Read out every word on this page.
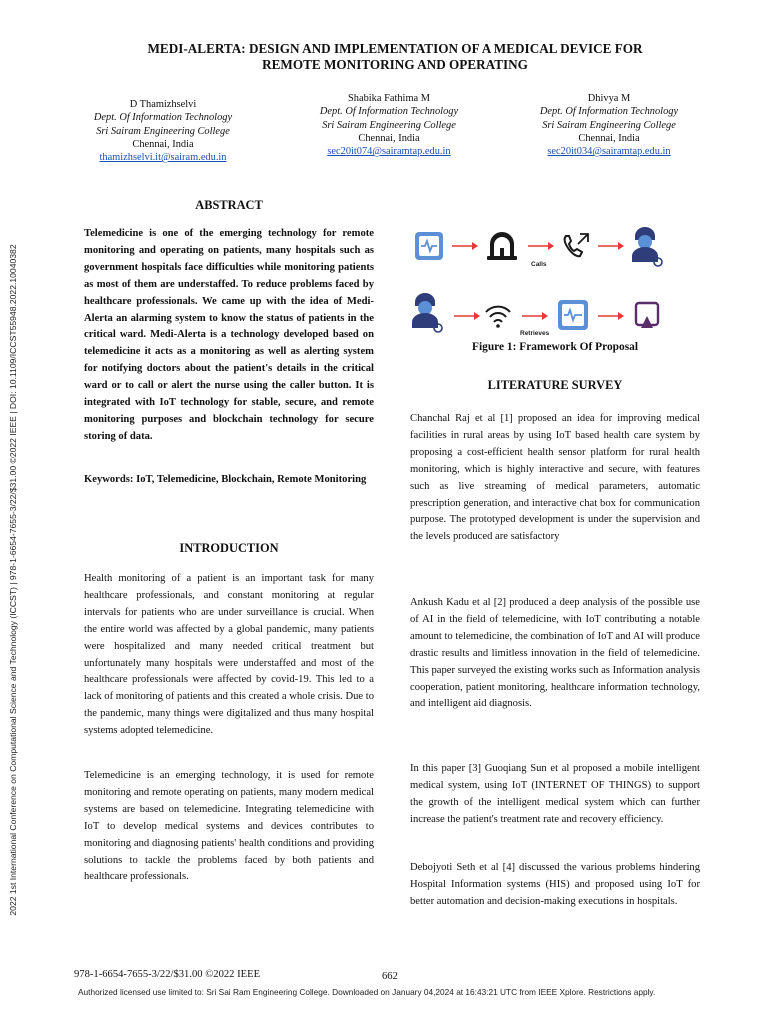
2022 1st International Conference on Computational Science and Technology (ICCST) | 978-1-6654-7655-3/22/$31.00 ©2022 IEEE | DOI: 10.1109/ICCST55948.2022.10040382
MEDI-ALERTA: DESIGN AND IMPLEMENTATION OF A MEDICAL DEVICE FOR
REMOTE MONITORING AND OPERATING
D Thamizhselvi
Dept. Of Information Technology
Sri Sairam Engineering College
Chennai, India
thamizhselvi.it@sairam.edu.in
Shabika Fathima M
Dept. Of Information Technology
Sri Sairam Engineering College
Chennai, India
sec20it074@sairamtap.edu.in
Dhivya M
Dept. Of Information Technology
Sri Sairam Engineering College
Chennai, India
sec20it034@sairamtap.edu.in
ABSTRACT
Telemedicine is one of the emerging technology for remote monitoring and operating on patients, many hospitals such as government hospitals face difficulties while monitoring patients as most of them are understaffed. To reduce problems faced by healthcare professionals. We came up with the idea of Medi-Alerta an alarming system to know the status of patients in the critical ward. Medi-Alerta is a technology developed based on telemedicine it acts as a monitoring as well as alerting system for notifying doctors about the patient's details in the critical ward or to call or alert the nurse using the caller button. It is integrated with IoT technology for stable, secure, and remote monitoring purposes and blockchain technology for secure storing of data.
Keywords: IoT, Telemedicine, Blockchain, Remote Monitoring
INTRODUCTION
Health monitoring of a patient is an important task for many healthcare professionals, and constant monitoring at regular intervals for patients who are under surveillance is crucial. When the entire world was affected by a global pandemic, many patients were hospitalized and many needed critical treatment but unfortunately many hospitals were understaffed and most of the healthcare professionals were affected by covid-19. This led to a lack of monitoring of patients and this created a whole crisis. Due to the pandemic, many things were digitalized and thus many hospital systems adopted telemedicine.
Telemedicine is an emerging technology, it is used for remote monitoring and remote operating on patients, many modern medical systems are based on telemedicine. Integrating telemedicine with IoT to develop medical systems and devices contributes to monitoring and diagnosing patients' health conditions and providing solutions to tackle the problems faced by both patients and healthcare professionals.
Calls
Retrieves
Figure 1: Framework Of Proposal
LITERATURE SURVEY
Chanchal Raj et al [1] proposed an idea for improving medical facilities in rural areas by using IoT based health care system by proposing a cost-efficient health sensor platform for rural health monitoring, which is highly interactive and secure, with features such as live streaming of medical parameters, automatic prescription generation, and interactive chat box for communication purpose. The prototyped development is under the supervision and the levels produced are satisfactory
Ankush Kadu et al [2] produced a deep analysis of the possible use of AI in the field of telemedicine, with IoT contributing a notable amount to telemedicine, the combination of IoT and AI will produce drastic results and limitless innovation in the field of telemedicine. This paper surveyed the existing works such as Information analysis cooperation, patient monitoring, healthcare information technology, and intelligent aid diagnosis.
In this paper [3] Guoqiang Sun et al proposed a mobile intelligent medical system, using IoT (INTERNET OF THINGS) to support the growth of the intelligent medical system which can further increase the patient's treatment rate and recovery efficiency.
Debojyoti Seth et al [4] discussed the various problems hindering Hospital Information systems (HIS) and proposed using IoT for better automation and decision-making executions in hospitals.
978-1-6654-7655-3/22/$31.00 ©2022 IEEE	662
Authorized licensed use limited to: Sri Sai Ram Engineering College. Downloaded on January 04,2024 at 16:43:21 UTC from IEEE Xplore. Restrictions apply.
